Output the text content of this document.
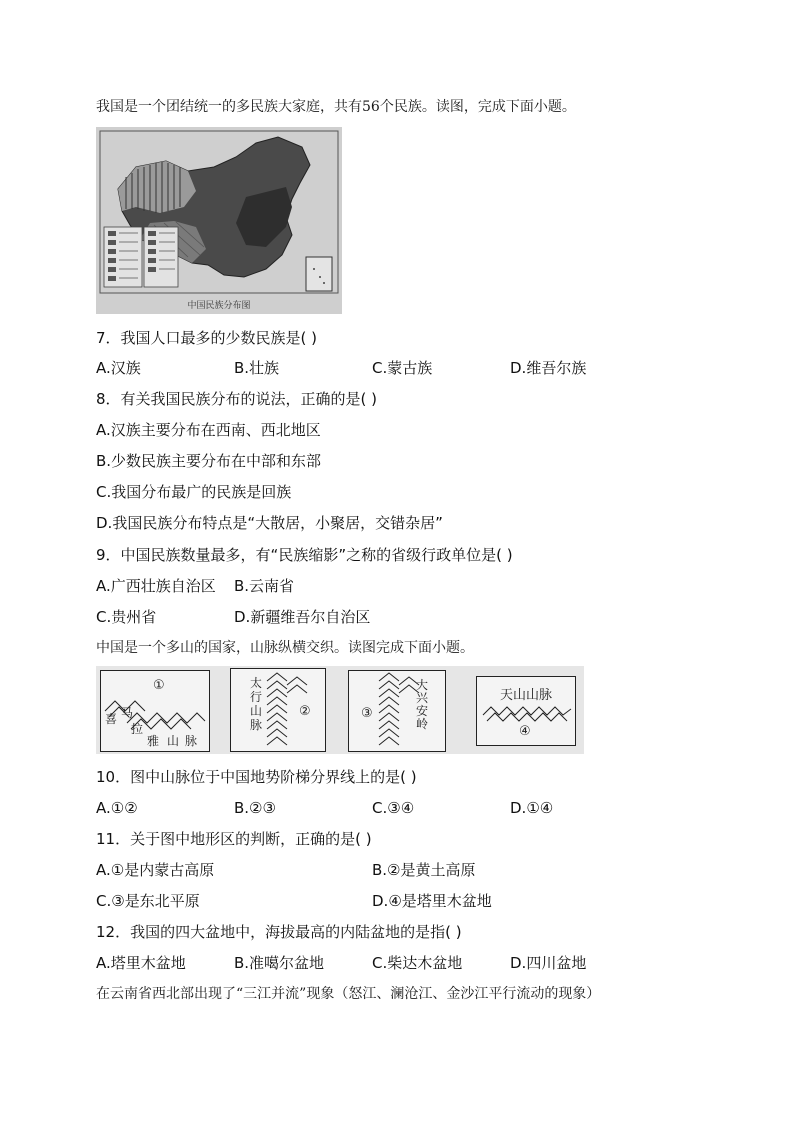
我国是一个团结统一的多民族大家庭，共有56个民族。读图，完成下面小题。
中国民族分布图
7．我国人口最多的少数民族是( )
A.汉族	B.壮族	C.蒙古族	D.维吾尔族
8．有关我国民族分布的说法，正确的是( )
A.汉族主要分布在西南、西北地区
B.少数民族主要分布在中部和东部
C.我国分布最广的民族是回族
D.我国民族分布特点是“大散居，小聚居，交错杂居”
9．中国民族数量最多，有“民族缩影”之称的省级行政单位是( )
A.广西壮族自治区 B.云南省
C.贵州省	D.新疆维吾尔自治区
中国是一个多山的国家，山脉纵横交织。读图完成下面小题。
①
喜 马
拉
雅 山 脉
太
行
山
脉
②	③
大
兴
安
岭
天山山脉
④
10．图中山脉位于中国地势阶梯分界线上的是( )
A.①②	B.②③	C.③④	D.①④
11．关于图中地形区的判断，正确的是( )
A.①是内蒙古高原	B.②是黄土高原
C.③是东北平原	D.④是塔里木盆地
12．我国的四大盆地中，海拔最高的内陆盆地的是指( )
A.塔里木盆地	B.准噶尔盆地	C.柴达木盆地	D.四川盆地
在云南省西北部出现了“三江并流”现象（怒江、澜沧江、金沙江平行流动的现象）
